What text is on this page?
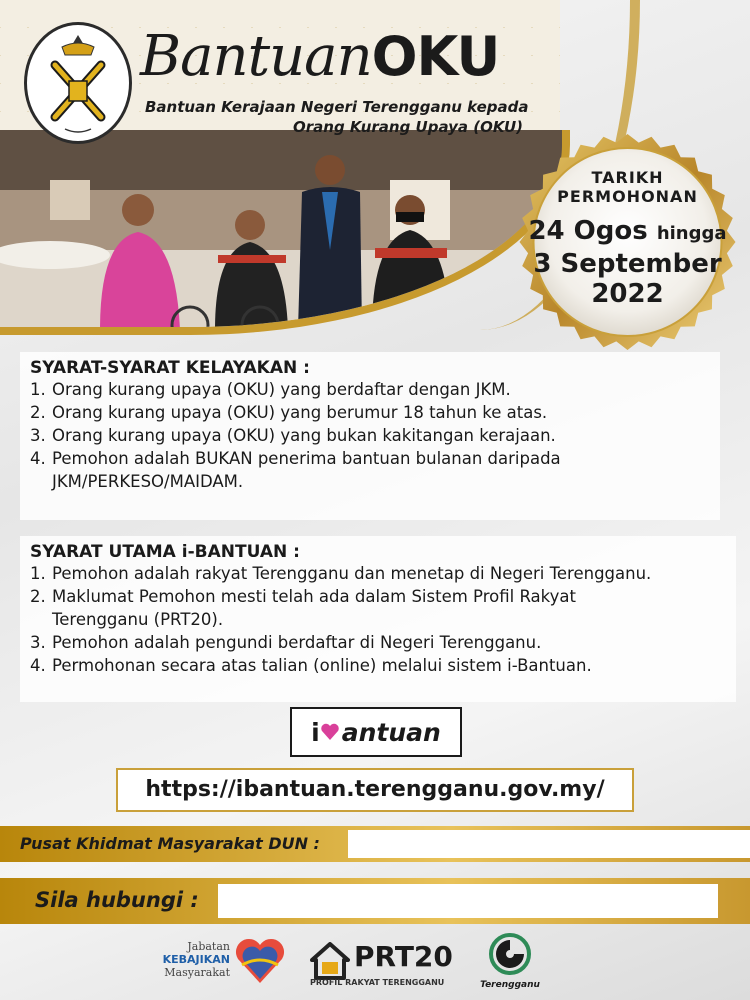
BantuanOKU
Bantuan Kerajaan Negeri Terengganu kepada
Orang Kurang Upaya (OKU)
TARIKH
PERMOHONAN
24 Ogos hingga
3 September
2022
SYARAT-SYARAT KELAYAKAN :
1. Orang kurang upaya (OKU) yang berdaftar dengan JKM.
2. Orang kurang upaya (OKU) yang berumur 18 tahun ke atas.
3. Orang kurang upaya (OKU) yang bukan kakitangan kerajaan.
4. Pemohon adalah BUKAN penerima bantuan bulanan daripada
JKM/PERKESO/MAIDAM.
SYARAT UTAMA i-BANTUAN :
1. Pemohon adalah rakyat Terengganu dan menetap di Negeri Terengganu.
2. Maklumat Pemohon mesti telah ada dalam Sistem Profil Rakyat
Terengganu (PRT20).
3. Pemohon adalah pengundi berdaftar di Negeri Terengganu.
4. Permohonan secara atas talian (online) melalui sistem i-Bantuan.
i antuan
https://ibantuan.terengganu.gov.my/
Pusat Khidmat Masyarakat DUN :
Sila hubungi :
Jabatan
KEBAJIKAN
Masyarakat	PRT20
PROFIL RAKYAT TERENGGANU	Terengganu
